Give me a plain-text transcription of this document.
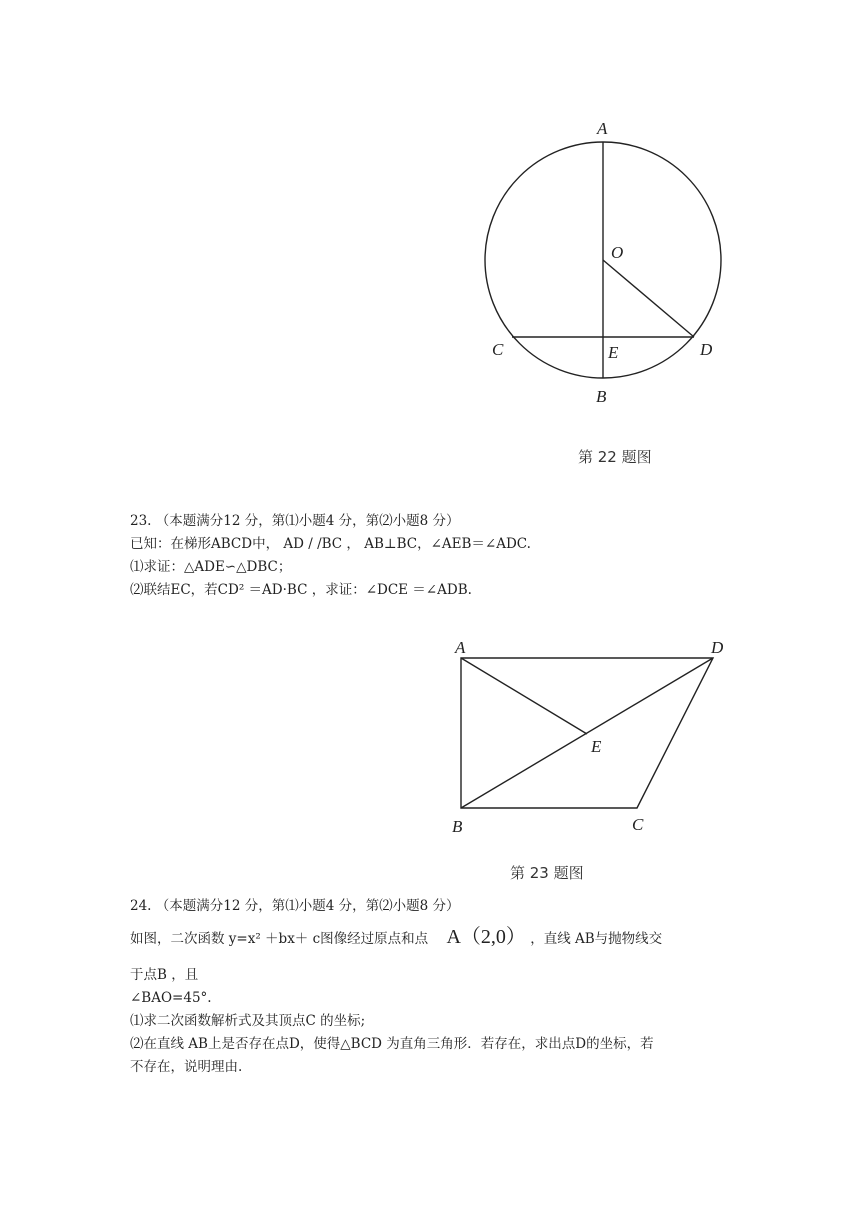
A
O
C	E	D
B
第 22 题图
23. （本题满分12 分，第⑴小题4 分，第⑵小题8 分）
已知：在梯形ABCD中， AD / /BC ， AB⊥BC，∠AEB＝∠ADC.
⑴求证：△ADE∽△DBC；
⑵联结EC，若CD² ＝AD·BC ，求证：∠DCE ＝∠ADB.
A	D
E
B	C
第 23 题图
24. （本题满分12 分，第⑴小题4 分，第⑵小题8 分）
如图，二次函数 y=x² ＋bx＋ c图像经过原点和点 A（2,0） ，直线 AB与抛物线交
于点B ，且
∠BAO=45°.
⑴求二次函数解析式及其顶点C 的坐标;
⑵在直线 AB上是否存在点D，使得△BCD 为直角三角形．若存在，求出点D的坐标，若
不存在，说明理由.
